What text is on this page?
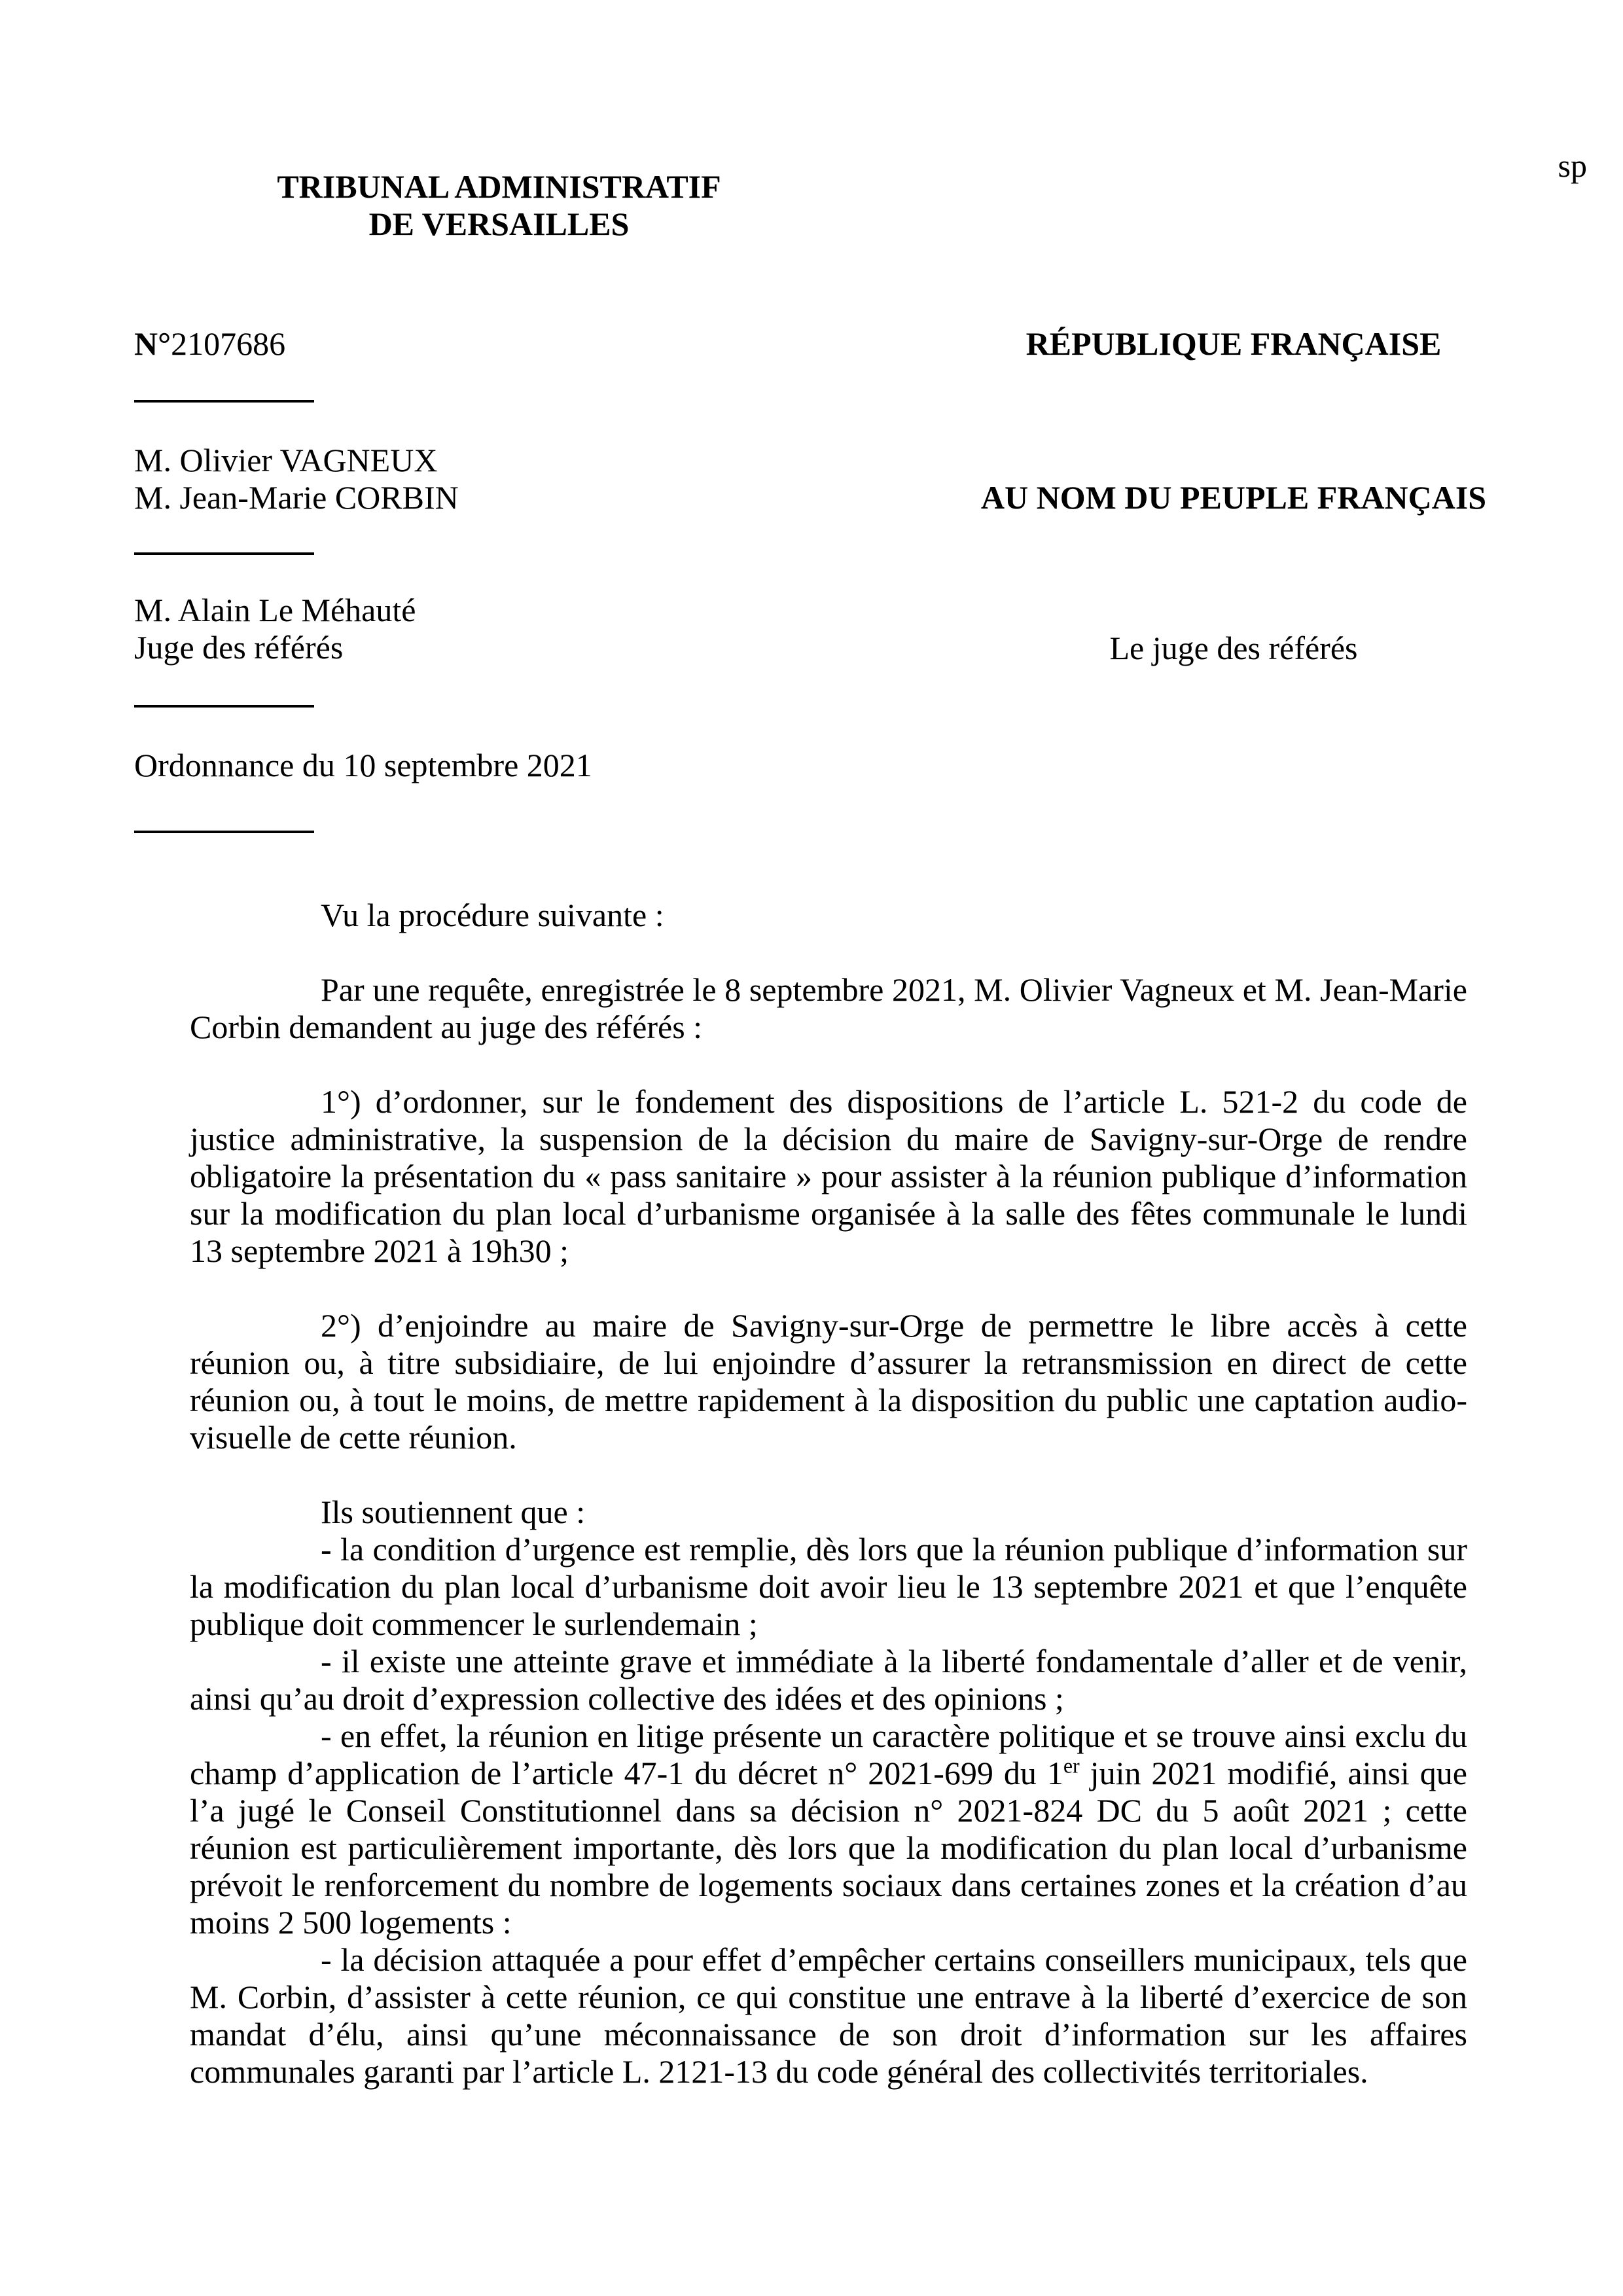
sp
TRIBUNAL ADMINISTRATIF
DE VERSAILLES
N°2107686	RÉPUBLIQUE FRANÇAISE
M. Olivier VAGNEUX
M. Jean-Marie CORBIN	AU NOM DU PEUPLE FRANÇAIS
M. Alain Le Méhauté
Juge des référés	Le juge des référés
Ordonnance du 10 septembre 2021

Vu la procédure suivante :

Par une requête, enregistrée le 8 septembre 2021, M. Olivier Vagneux et M. Jean-Marie Corbin demandent au juge des référés :

1°) d’ordonner, sur le fondement des dispositions de l’article L. 521-2 du code de justice administrative, la suspension de la décision du maire de Savigny-sur-Orge de rendre obligatoire la présentation du « pass sanitaire » pour assister à la réunion publique d’information sur la modification du plan local d’urbanisme organisée à la salle des fêtes communale le lundi 13 septembre 2021 à 19h30 ;

2°) d’enjoindre au maire de Savigny-sur-Orge de permettre le libre accès à cette réunion ou, à titre subsidiaire, de lui enjoindre d’assurer la retransmission en direct de cette réunion ou, à tout le moins, de mettre rapidement à la disposition du public une captation audio-visuelle de cette réunion.

Ils soutiennent que :

- la condition d’urgence est remplie, dès lors que la réunion publique d’information sur la modification du plan local d’urbanisme doit avoir lieu le 13 septembre 2021 et que l’enquête publique doit commencer le surlendemain ;

- il existe une atteinte grave et immédiate à la liberté fondamentale d’aller et de venir, ainsi qu’au droit d’expression collective des idées et des opinions ;

- en effet, la réunion en litige présente un caractère politique et se trouve ainsi exclu du champ d’application de l’article 47-1 du décret n° 2021-699 du 1er juin 2021 modifié, ainsi que l’a jugé le Conseil Constitutionnel dans sa décision n° 2021-824 DC du 5 août 2021 ; cette réunion est particulièrement importante, dès lors que la modification du plan local d’urbanisme prévoit le renforcement du nombre de logements sociaux dans certaines zones et la création d’au moins 2 500 logements :

- la décision attaquée a pour effet d’empêcher certains conseillers municipaux, tels que M. Corbin, d’assister à cette réunion, ce qui constitue une entrave à la liberté d’exercice de son mandat d’élu, ainsi qu’une méconnaissance de son droit d’information sur les affaires communales garanti par l’article L. 2121-13 du code général des collectivités territoriales.
